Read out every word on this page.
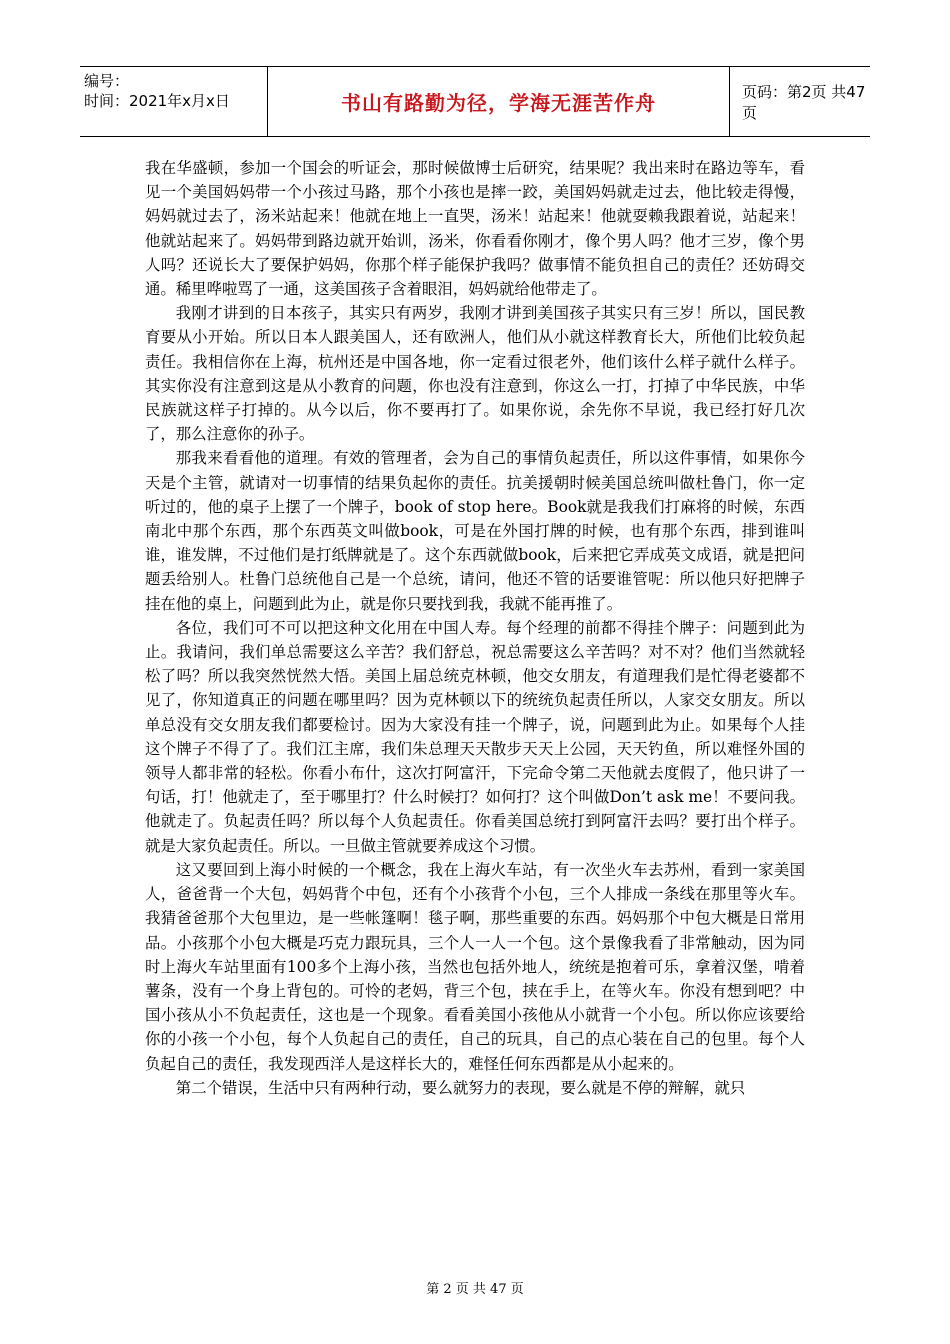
编号：
时间：2021年x月x日	书山有路勤为径，学海无涯苦作舟	页码：第2页 共47页

我在华盛顿，参加一个国会的听证会，那时候做博士后研究，结果呢？我出来时在路边等车，看见一个美国妈妈带一个小孩过马路，那个小孩也是摔一跤，美国妈妈就走过去，他比较走得慢，妈妈就过去了，汤米站起来！他就在地上一直哭，汤米！站起来！他就耍赖我跟着说，站起来！他就站起来了。妈妈带到路边就开始训，汤米，你看看你刚才，像个男人吗？他才三岁，像个男人吗？还说长大了要保护妈妈，你那个样子能保护我吗？做事情不能负担自己的责任？还妨碍交通。稀里哗啦骂了一通，这美国孩子含着眼泪，妈妈就给他带走了。

我刚才讲到的日本孩子，其实只有两岁，我刚才讲到美国孩子其实只有三岁！所以，国民教育要从小开始。所以日本人跟美国人，还有欧洲人，他们从小就这样教育长大，所他们比较负起责任。我相信你在上海，杭州还是中国各地，你一定看过很老外，他们该什么样子就什么样子。其实你没有注意到这是从小教育的问题，你也没有注意到，你这么一打，打掉了中华民族，中华民族就这样子打掉的。从今以后，你不要再打了。如果你说，余先你不早说，我已经打好几次了，那么注意你的孙子。

那我来看看他的道理。有效的管理者，会为自己的事情负起责任，所以这件事情，如果你今天是个主管，就请对一切事情的结果负起你的责任。抗美援朝时候美国总统叫做杜鲁门，你一定听过的，他的桌子上摆了一个牌子，book of stop here。Book就是我我们打麻将的时候，东西南北中那个东西，那个东西英文叫做book，可是在外国打牌的时候，也有那个东西，排到谁叫谁，谁发牌，不过他们是打纸牌就是了。这个东西就做book，后来把它弄成英文成语，就是把问题丢给别人。杜鲁门总统他自己是一个总统，请问，他还不管的话要谁管呢：所以他只好把牌子挂在他的桌上，问题到此为止，就是你只要找到我，我就不能再推了。

各位，我们可不可以把这种文化用在中国人寿。每个经理的前都不得挂个牌子：问题到此为止。我请问，我们单总需要这么辛苦？我们舒总，祝总需要这么辛苦吗？对不对？他们当然就轻松了吗？所以我突然恍然大悟。美国上届总统克林顿，他交女朋友，有道理我们是忙得老婆都不见了，你知道真正的问题在哪里吗？因为克林顿以下的统统负起责任所以，人家交女朋友。所以单总没有交女朋友我们都要检讨。因为大家没有挂一个牌子，说，问题到此为止。如果每个人挂这个牌子不得了了。我们江主席，我们朱总理天天散步天天上公园，天天钓鱼，所以难怪外国的领导人都非常的轻松。你看小布什，这次打阿富汗，下完命令第二天他就去度假了，他只讲了一句话，打！他就走了，至于哪里打？什么时候打？如何打？这个叫做Don’t ask me！不要问我。他就走了。负起责任吗？所以每个人负起责任。你看美国总统打到阿富汗去吗？要打出个样子。就是大家负起责任。所以。一旦做主管就要养成这个习惯。

这又要回到上海小时候的一个概念，我在上海火车站，有一次坐火车去苏州，看到一家美国人，爸爸背一个大包，妈妈背个中包，还有个小孩背个小包，三个人排成一条线在那里等火车。我猜爸爸那个大包里边，是一些帐篷啊！毯子啊，那些重要的东西。妈妈那个中包大概是日常用品。小孩那个小包大概是巧克力跟玩具，三个人一人一个包。这个景像我看了非常触动，因为同时上海火车站里面有100多个上海小孩，当然也包括外地人，统统是抱着可乐，拿着汉堡，啃着薯条，没有一个身上背包的。可怜的老妈，背三个包，挟在手上，在等火车。你没有想到吧？中国小孩从小不负起责任，这也是一个现象。看看美国小孩他从小就背一个小包。所以你应该要给你的小孩一个小包，每个人负起自己的责任，自己的玩具，自己的点心装在自己的包里。每个人负起自己的责任，我发现西洋人是这样长大的，难怪任何东西都是从小起来的。

第二个错误，生活中只有两种行动，要么就努力的表现，要么就是不停的辩解，就只

第 2 页 共 47 页
